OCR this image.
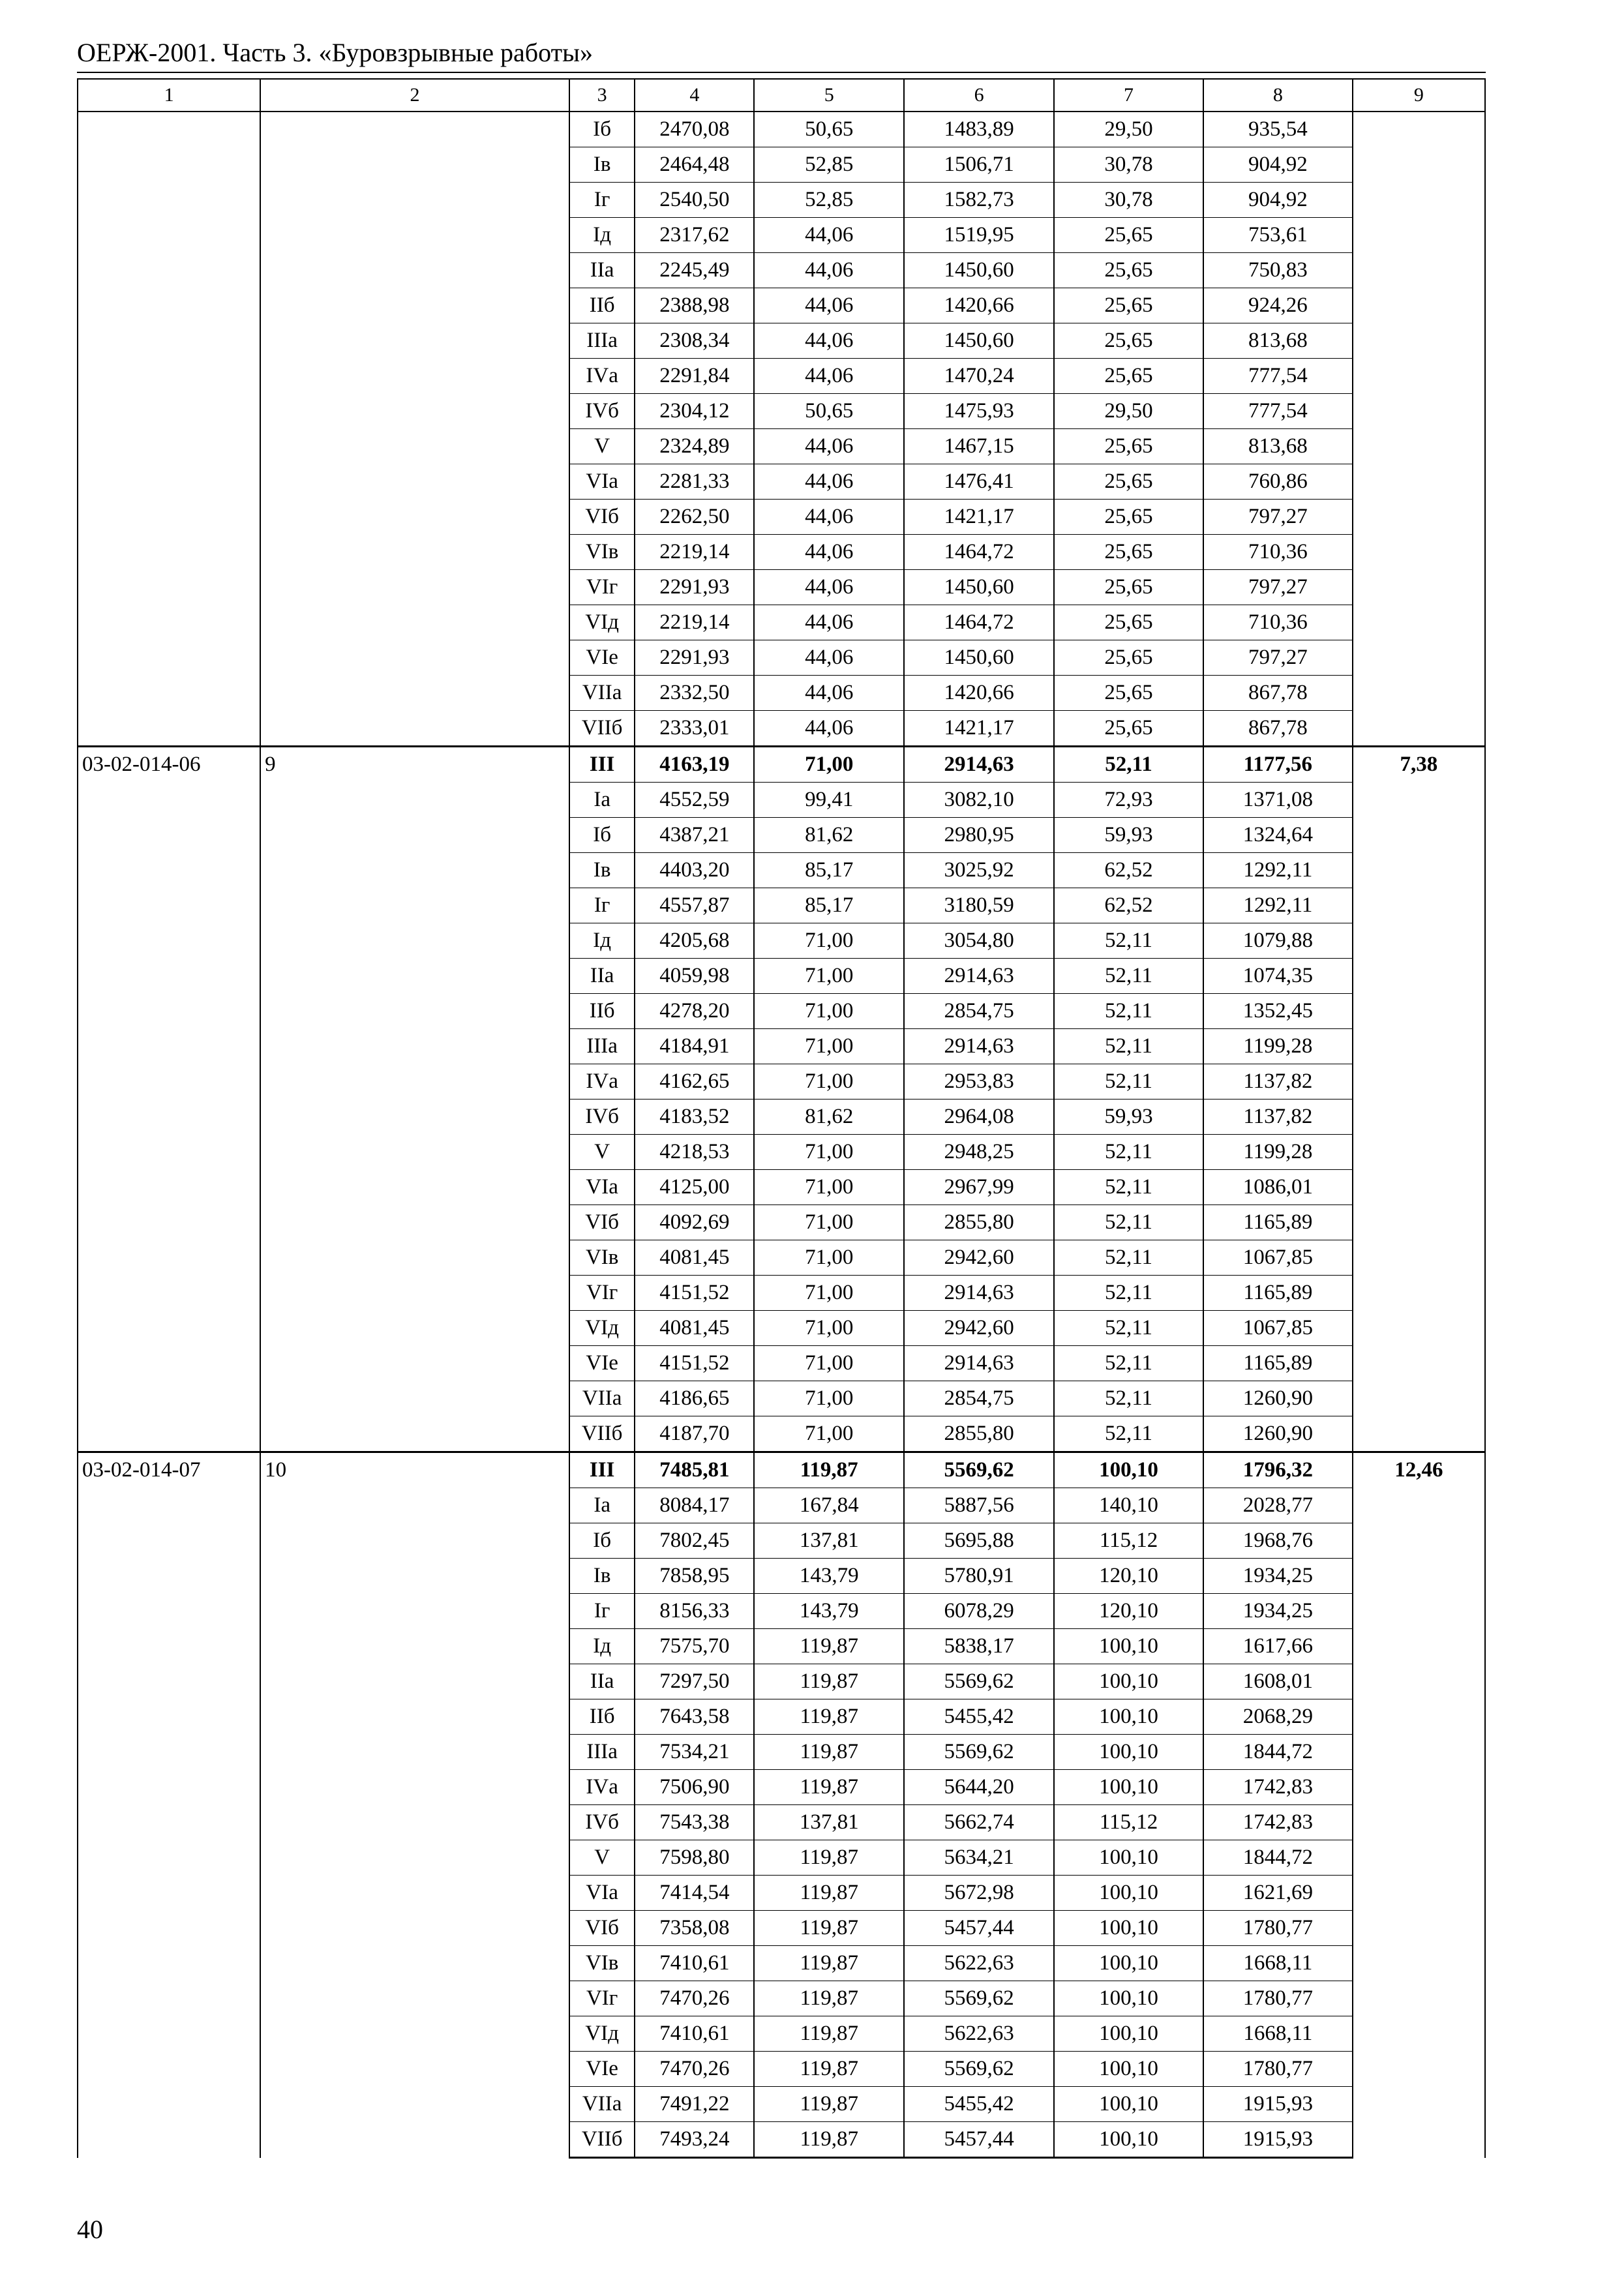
ОЕРЖ-2001. Часть 3. «Буровзрывные работы»
1	2	3	4	5	6	7	8	9
		Iб	2470,08	50,65	1483,89	29,50	935,54	
		Iв	2464,48	52,85	1506,71	30,78	904,92	
		Iг	2540,50	52,85	1582,73	30,78	904,92	
		Iд	2317,62	44,06	1519,95	25,65	753,61	
		IIа	2245,49	44,06	1450,60	25,65	750,83	
		IIб	2388,98	44,06	1420,66	25,65	924,26	
		IIIа	2308,34	44,06	1450,60	25,65	813,68	
		IVа	2291,84	44,06	1470,24	25,65	777,54	
		IVб	2304,12	50,65	1475,93	29,50	777,54	
		V	2324,89	44,06	1467,15	25,65	813,68	
		VIа	2281,33	44,06	1476,41	25,65	760,86	
		VIб	2262,50	44,06	1421,17	25,65	797,27	
		VIв	2219,14	44,06	1464,72	25,65	710,36	
		VIг	2291,93	44,06	1450,60	25,65	797,27	
		VIд	2219,14	44,06	1464,72	25,65	710,36	
		VIе	2291,93	44,06	1450,60	25,65	797,27	
		VIIа	2332,50	44,06	1420,66	25,65	867,78	
		VIIб	2333,01	44,06	1421,17	25,65	867,78	
03-02-014-06	9	III	4163,19	71,00	2914,63	52,11	1177,56	7,38
		Iа	4552,59	99,41	3082,10	72,93	1371,08	
		Iб	4387,21	81,62	2980,95	59,93	1324,64	
		Iв	4403,20	85,17	3025,92	62,52	1292,11	
		Iг	4557,87	85,17	3180,59	62,52	1292,11	
		Iд	4205,68	71,00	3054,80	52,11	1079,88	
		IIа	4059,98	71,00	2914,63	52,11	1074,35	
		IIб	4278,20	71,00	2854,75	52,11	1352,45	
		IIIа	4184,91	71,00	2914,63	52,11	1199,28	
		IVа	4162,65	71,00	2953,83	52,11	1137,82	
		IVб	4183,52	81,62	2964,08	59,93	1137,82	
		V	4218,53	71,00	2948,25	52,11	1199,28	
		VIа	4125,00	71,00	2967,99	52,11	1086,01	
		VIб	4092,69	71,00	2855,80	52,11	1165,89	
		VIв	4081,45	71,00	2942,60	52,11	1067,85	
		VIг	4151,52	71,00	2914,63	52,11	1165,89	
		VIд	4081,45	71,00	2942,60	52,11	1067,85	
		VIе	4151,52	71,00	2914,63	52,11	1165,89	
		VIIа	4186,65	71,00	2854,75	52,11	1260,90	
		VIIб	4187,70	71,00	2855,80	52,11	1260,90	
03-02-014-07	10	III	7485,81	119,87	5569,62	100,10	1796,32	12,46
		Iа	8084,17	167,84	5887,56	140,10	2028,77	
		Iб	7802,45	137,81	5695,88	115,12	1968,76	
		Iв	7858,95	143,79	5780,91	120,10	1934,25	
		Iг	8156,33	143,79	6078,29	120,10	1934,25	
		Iд	7575,70	119,87	5838,17	100,10	1617,66	
		IIа	7297,50	119,87	5569,62	100,10	1608,01	
		IIб	7643,58	119,87	5455,42	100,10	2068,29	
		IIIа	7534,21	119,87	5569,62	100,10	1844,72	
		IVа	7506,90	119,87	5644,20	100,10	1742,83	
		IVб	7543,38	137,81	5662,74	115,12	1742,83	
		V	7598,80	119,87	5634,21	100,10	1844,72	
		VIа	7414,54	119,87	5672,98	100,10	1621,69	
		VIб	7358,08	119,87	5457,44	100,10	1780,77	
		VIв	7410,61	119,87	5622,63	100,10	1668,11	
		VIг	7470,26	119,87	5569,62	100,10	1780,77	
		VIд	7410,61	119,87	5622,63	100,10	1668,11	
		VIе	7470,26	119,87	5569,62	100,10	1780,77	
		VIIа	7491,22	119,87	5455,42	100,10	1915,93	
		VIIб	7493,24	119,87	5457,44	100,10	1915,93	
40
